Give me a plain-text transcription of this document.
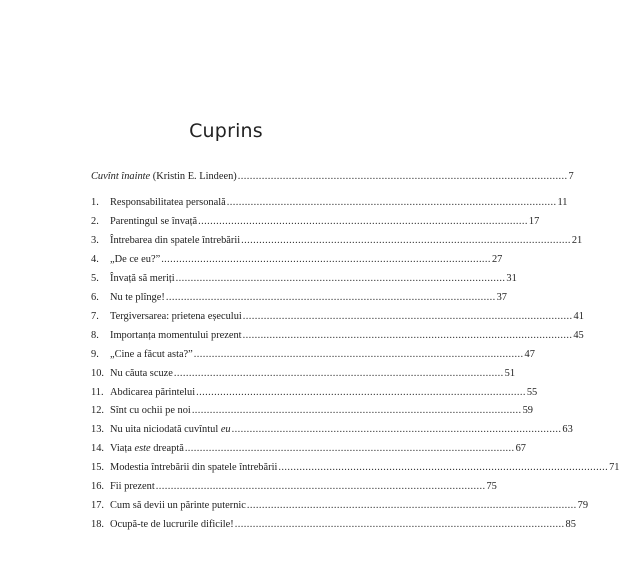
Cuprins
Cuvînt înainte (Kristin E. Lindeen) .............................................................................................................. 7
1.	Responsabilitatea personală .............................................................................................................. 11
2.	Parentingul se învață .............................................................................................................. 17
3.	Întrebarea din spatele întrebării .............................................................................................................. 21
4.	„De ce eu?” .............................................................................................................. 27
5.	Învață să meriți .............................................................................................................. 31
6.	Nu te plînge! .............................................................................................................. 37
7.	Tergiversarea: prietena eșecului .............................................................................................................. 41
8.	Importanța momentului prezent .............................................................................................................. 45
9.	„Cine a făcut asta?” .............................................................................................................. 47
10. Nu căuta scuze .............................................................................................................. 51
11. Abdicarea părintelui .............................................................................................................. 55
12. Sînt cu ochii pe noi .............................................................................................................. 59
13. Nu uita niciodată cuvîntul eu .............................................................................................................. 63
14. Viața este dreaptă .............................................................................................................. 67
15. Modestia întrebării din spatele întrebării .............................................................................................................. 71
16. Fii prezent .............................................................................................................. 75
17. Cum să devii un părinte puternic .............................................................................................................. 79
18. Ocupă-te de lucrurile dificile! .............................................................................................................. 85
